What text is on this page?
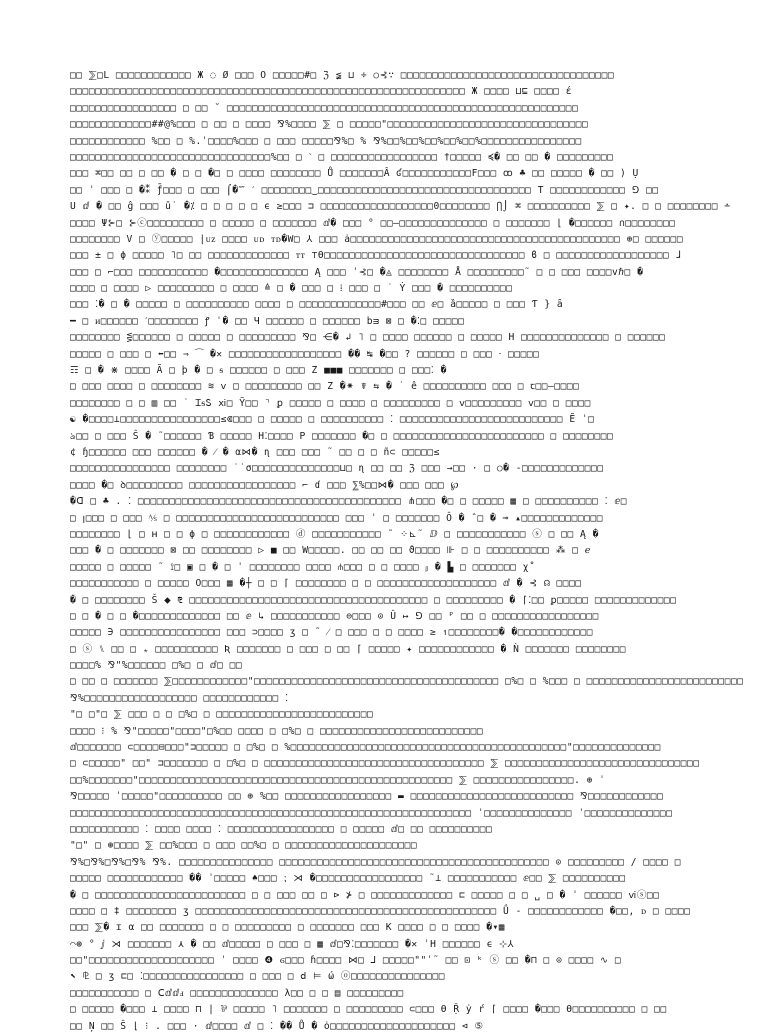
□□ ⅀□L □□□□□□□□□□□□ Ж ◌ Ø □□□ O □□□□□#□ ℨ ≨ ⊔ ÷ ○⊰∵ □□□□□□□□□□□□□□□□□□□□□□□□□□□□□□□□□□
□□□□□□□□□□□□□□□□□□□□□□□□□□□□□□□□□□□□□□□□□□□□□□□□□□□□□□□□□□□□□□□ Ж □□□□ ⊔⊑ □□□□ έ
□□□□□□□□□□□□□□□□□ □ □□ ˘ □□□□□□□□□□□□□□□□□□□□□□□□□□□□□□□□□□□□□□□□□□□□□□□□□□□□□□□□
□□□□□□□□□□□□□##@%□□□ □ □□ □ □□□□ ⅋%□□□□ ⅀ □ □□□□□"□□□□□□□□□□□□□□□□□□□□□□□□□□□□□□□□
□□□□□□□□□□□□ %□□ □ %.ˈ□□□□%□□□ □ □□□ □□□□□⅋%□ % ⅋%□□%□□%□□%□□%□□%□□□□□□□□□□□□□□□□
□□□□□□□□□□□□□□□□□□□□□□□□□□□□□□□□%□□ □ ˋ □ □□□□□□□□□□□□□□□□□ †□□□□□ ≼� □□ □□ � □□□□□□□□□
□□□ ⌘□□ □□ □ □□ � □ □ �□ □ □□□□ □□□□□□□□ Ů □□□□□□□Â ʛ□□□□□□□□□□□F□□□ ꝏ ♣ □□ □□□□□ � □□ ) Ụ
□□ ˈ □□□ □ �⁑ ƒ̄□□□ □ □□□ ⌠�⁗ ˊ □□□□□□□□‿□□□□□□□□□□□□□□□□□□□□□□□□□□□□□□□□□□ T □□□□□□□□□□□□ ⅁ □□
U ⅆ � □□ ĝ □□□ ǔ˙ �⁒ □ □ □ □ □ ϵ ≥□□□ ⊐ □□□□□□□□□□□□□□□□□□0□□□□□□□□ ⋂⌡ ⌘ □□□□□□□□□□ ⅀ □ ✦. □ □ □□□□□□□□ ∸
□□□□ Ψ⊱□ ⊱ⓒ□□□□□□□□□ □ □□□□□ □ □□□□□□□ ⅆ� □□□ ° □□—□□□□□□□□□□□□□□ □ □□□□□□□ ⌊ �□□□□□□ ∩□□□□□□□□
□□□□□□□□ V □ ⓨ□□□□□ |ᴜᴢ □□□□ ᴜᴅ ᴛᴅ�W□ ⅄ □□□ ȧ□□□□□□□□□□□□□□□□□□□□□□□□□□□□□□□□□□□□□□□□□□□ ⊕□ □□□□□□
□□□ ± □ ϕ □□□□□ ˥□ □□ □□□□□□□□□□□□□ ᴛᴛ ⊤ϴ□□□□□□□□□□□□□□□□□□□□□□□□□□□□□□□□ ϐ □ □□□□□□□□□□□□□□□□□□ ɺ
□□□ □ ⌐□□□ □□□□□□□□□□□ �□□□□□□□□□□□□□□ Ą □□□ ˈ⊰□ �◬ □□□□□□□□ Å □□□□□□□□□˜ □ □ □□□ □□□□vℏ□ �
□□□□ □ □□□□ ▷ □□□□□□□□□ □ □□□□ ≙ □ � □□□ □ ⁞ □□□ □ ˙ Ẏ □□□ � □□□□□□□□□□
□□□ ⁚� □ � □□□□□ □ □□□□□□□□□□ □□□□ □ □□□□□□□□□□□□□#□□□ □□ ⅇ□ ȁ□□□□□ □ □□□ Ƭ } ȃ
━ □ ᴎ□□□□□□ ˊ□□□□□□□□ ꝭ ˈ� □□ Ч □□□□□□ □ □□□□□□ bᴟ ⊠ □ �⁚□ □□□□□
□□□□□□□□ ⋚□□□□□□ □ □□□□□ □ □□□□□□□□□ ⅋□ ⋲� ↲ ˥ □ □□□□ □□□□□□ □ □□□□□ H □□□□□□□□□□□□□□ □ □□□□□□
□□□□□ □ □□□ □ ⬅□□ ⇒ ⁀ �✕ □□□□□□□□□□□□□□□□□□ �� ↹ �□□ ? □□□□□□ □ □□□ ⸱ □□□□□
☶ □ � ⋇ □□□□ Ã □ ϸ � □ ᵴ □□□□□□ □ □□□ Z ■■■ □□□□□□□ □ □□□⁚ �
□ □□□ □□□□ □ □□□□□□□□ ≋ ⅴ □ □□□□□□□□□ □□ Z �⁕ ☤ ⇆ � ˙ ê □□□□□□□□□□ □□□ □ ꞇ□□—□□□□
□□□□□□□□ □ □ ▥ □□ ˙ ꞮᵴᏚ ⅺ□ Ỹ□□ ⌝ ꝑ □□□□□ □ □□□□ □ □□□□□□□□□ □ ⅴ□□□□□□□□□ ⅴ□□ □ □□□□
☯ �□□□□⊥□□□□□□□□□□□□□□□□≤⋐□□□ □ □□□□□ □ □□□□□□□□□□ ⁚ □□□□□□□□□□□□□□□□□□□□□□□□□□ Ẽ ˈ□
ঌ□□ □ □□□ Ŝ � ˜□□□□□□ Ɓ □□□□□ H⁚□□□□ P □□□□□□□ �□ □ □□□□□□□□□□□□□□□□□□□□□□□□ □ □□□□□□□□
¢ ɧ□□□□□□ □□□ □□□□□□ � ⁄ � α⋈� ɳ □□□ □□□ ˜ □□ □ □ ñ⊂ □□□□□≤
□□□□□□□□□□□□□□□□ □□□□□□□□ ˙˙σ□□□□□□□□□□□□□□⊔□ ɳ □□ □□ ℨ □□□ →□□ · □ ○� -□□□□□□□□□□□□□
□□□□ �□ ꝺ□□□□□□□□□ □□□□□□□□□□□□□□□□□ ⌐ ɗ □□□ ⅀%□□⋈� □□□ □□□ ℘
�ᗡ □ ♣ . ⁚ □□□□□□□□□□□□□□□□□□□□□□□□□□□□□□□□□□□□□□□□□□ ⋔□□□ �□ □ □□□□□ ▦ □ □□□□□□□□□□ ⁚ ⅇ□
□ ꞁ□□□ □ □□□ ⅍ □ □□□□□□□□□□□□□□□□□□□□□□□□□□ □□□ ˈ □ □□□□□□□ Ô � ˆ□ � ⊸ ▴□□□□□□□□□□□□□
□□□□□□□□ ⌊ □ ʜ □ □ ϕ □ □□□□□□□□□□□□ ⓓ □□□□□□□□□□□ ˜ ⁘⊾˜ ⅅ □ □□□□□□□□□□□ ⓢ □ □□ Ą �
□□□ � □ □□□□□□□ ⊠ □□ □□□□□□□□ ▷ ■ □□ W□□□□□. □□ □□ □□ ϑ□□□□ ⊪ □ □ □□□□□□□□□□ ⁂ □ ℯ
□□□□□ □ □□□□□ ˜ ⟟□ ▣ □ � □ ˈ □□□□□□□□ □□□□ ⋔□□□ □ □ □□□□ ᵦ � ▙ □ □□□□□□□ χ˚
□□□□□□□□□□□ □ □□□□□ O□□□ ▦ �┼ □ □ ⌈ □□□□□□□□ □ □ □□□□□□□□□□□□□□□□□□□ ⅆ � ⊰ ☊ □□□□
� □ □□□□□□□□ Š ⬥ ⅊ □□□□□□□□□□□□□□□□□□□□□□□□□□□□□□□□□□□□□□ □ □□□□□□□□□ � ⌈⁚□□ ꝑ□□□□□ □□□□□□□□□□□□□
□ □ � □ □ �□□□□□□□□□□□□□ □□ ⅇ ↳ □□□□□□□□□□□ ⊖□□□ ⊙ Û ↦ ⅁ □□ ᴾ □□ □ □□□□□□□□□□□□□□□□□
□□□□□ ∋ □□□□□□□□□□□□□□□□ □□□ ⊃□□□□ ʒ □ ˜ ⁄ □ □□□ □ □ □□□□ ≥ ↿□□□□□□□□� �□□□□□□□□□□□□
□ ⓢ ⑊ □□ □ ⁎ □□□□□□□□□□ Ʀ □□□□□□□ □ □□□ □ □□ ⌈ □□□□□ ✦ □□□□□□□□□□□□ � Ǹ □□□□□□□ □□□□□□□□
□□□□% ⅋"%□□□□□□ □%□ □ ⅆ□ □□
□ □□ □ □□□□□□□ ⅀□□□□□□□□□□□□"□□□□□□□□□□□□□□□□□□□□□□□□□□□□□□□□□□□□□□□ □%□ □ %□□□ □ □□□□□□□□□□□□□□□□□□□□□□□□□
⅋%□□□□□□□□□□□□□□□□□□ □□□□□□□□□□□□ ⁚
"□ □"□ ⅀ □□□ □ □ □%□ □ □□□□□□□□□□□□□□□□□□□□□□□□□
□□□□ ⁝ % ⅋"□□□□□"□□□□"□%□□ □□□□ □ □%□ □ □□□□□□□□□□□□□□□□□□□□□□□□□□
ⅆ□□□□□□□ ⊂□□□□⊟□□□"⊐□□□□□ □ □%□ □ %□□□□□□□□□□□□□□□□□□□□□□□□□□□□□□□□□□□□□□□□□□□□"□□□□□□□□□□□□□□
□ ⊂□□□□□" □□" ⊐□□□□□□□ □ □%□ □ □□□□□□□□□□□□□□□□□□□□□□□□□□□□□□□□□□□ ⅀ □□□□□□□□□□□□□□□□□□□□□□□□□□□□□□□
□□%□□□□□□□"□□□□□□□□□□□□□□□□□□□□□□□□□□□□□□□□□□□□□□□□□□□□□□□□□□ ⅀ □□□□□□□□□□□□□□□□. ⊕ ˈ
⅋□□□□□ ˈ□□□□□"□□□□□□□□□□ □□ ⊕ %□□ □□□□□□□□□□□□□□□□□ ▬ □□□□□□□□□□□□□□□□□□□□□□□□□□ ⅋□□□□□□□□□□□□
□□□□□□□□□□□□□□□□□□□□□□□□□□□□□□□□□□□□□□□□□□□□□□□□□□□□□□□□□□□□□□□□ ˈ□□□□□□□□□□□□□□ ˈ□□□□□□□□□□□□□□
□□□□□□□□□□□ ⁚ □□□□ □□□□ ⁚ □□□□□□□□□□□□□□□□□ □ □□□□□ ⅆ□ □□ □□□□□□□□□□
"□" □ ⊛□□□□ ⅀ □□%□□□ □ □□□ □□%□ □ □□□□□□□□□□□□□□□□□□□□□
⅋%□⅋%□⅋%□⅋% ⅋%. □□□□□□□□□□□□□□□ □□□□□□□□□□□□□□□□□□□□□□□□□□□□□□□□□□□□□□□□□□□ ⊙ □□□□□□□□□ / □□□□ □
□□□□□ □□□□□□□□□□□□ �� ˈ□□□□□ ♠□□□ ⁏ ⋊ �□□□□□□□□□□□□□□□□□ ˜⊥ □□□□□□□□□□□ ⅇ□□ ⅀ □□□□□□□□□□
� □ □□□□□□□□□□□□□□□□□□□□□□□□ □ □ □□□ □□ □ ⊳ ⊁ □ □□□□□□□□□□□□□ ⊏ □□□□□ □ □ ␣ □ � ˈ □□□□□□ ⅵⓢ□□
□□□□ □ ‡ □□□□□□□□ ʒ □□□□□□□□□□□□□□□□□□□□□□□□□□□□□□□□□□□□□□□□□□□□□□□□ Ǘ - □□□□□□□□□□□□ �□□, ᴅ □ □□□□
□□□ ⅀� ɪ α □□ □□□□□□□ □ □ □□□□□□□□□ □ □□□□□□□ □□□ K □□□□ □ □ □□□□ �▾▦
⌒⊛ ° ⅉ ⋊ □□□□□□□ ⋏ � □□ ⅆ□□□□□ □ □□□ □ ▦ ⅆ□⅋⁚□□□□□□□ �✕ ˈH □□□□□□ ϵ ⊹⅄
□□"□□□□□□□□□□□□□□□□□□□□ ˈ □□□□ ❹ ϭ□□□ ɦ□□□□ ⋈□ ⅃ □□□□□""ˈ˜ □□ ⊡ ᵏ ⓢ □□ �⊓ □ ⊙ □□□□ ∿ □
⬉ ⅊ □ ʒ ⊏□ ⁚□□□□□□□□□□□□□□□□ □ □□□ □ ⅾ ⊨ ώ ⓞ□□□□□□□□□□□□□□□
□□□□□□□□□□□ □ Ⅽⅆⅆⅎ □□□□□□□□□□□□□□ λ□□ □ □ ▤ □□□□□□□□□
□ □□□□□ �□□□ ⊥ □□□□ ⊓ | ⅌ □□□□□ ˥ □□□□□□□ □ □□□□□□□□□ ⊂□□□ ϴ Ṝ ẏ ŕ ⌈ □□□□ �□□□ ϴ□□□□□□□□□□ □ □□
□□ Ņ □□ Ŝ ⌊ ⁝ . □□□ · ⅆ□□□□ ⅆ □ ⁚ �� Ů � ȯ□□□□□□□□□□□□□□□□□□□□ ⊲ ⑤
